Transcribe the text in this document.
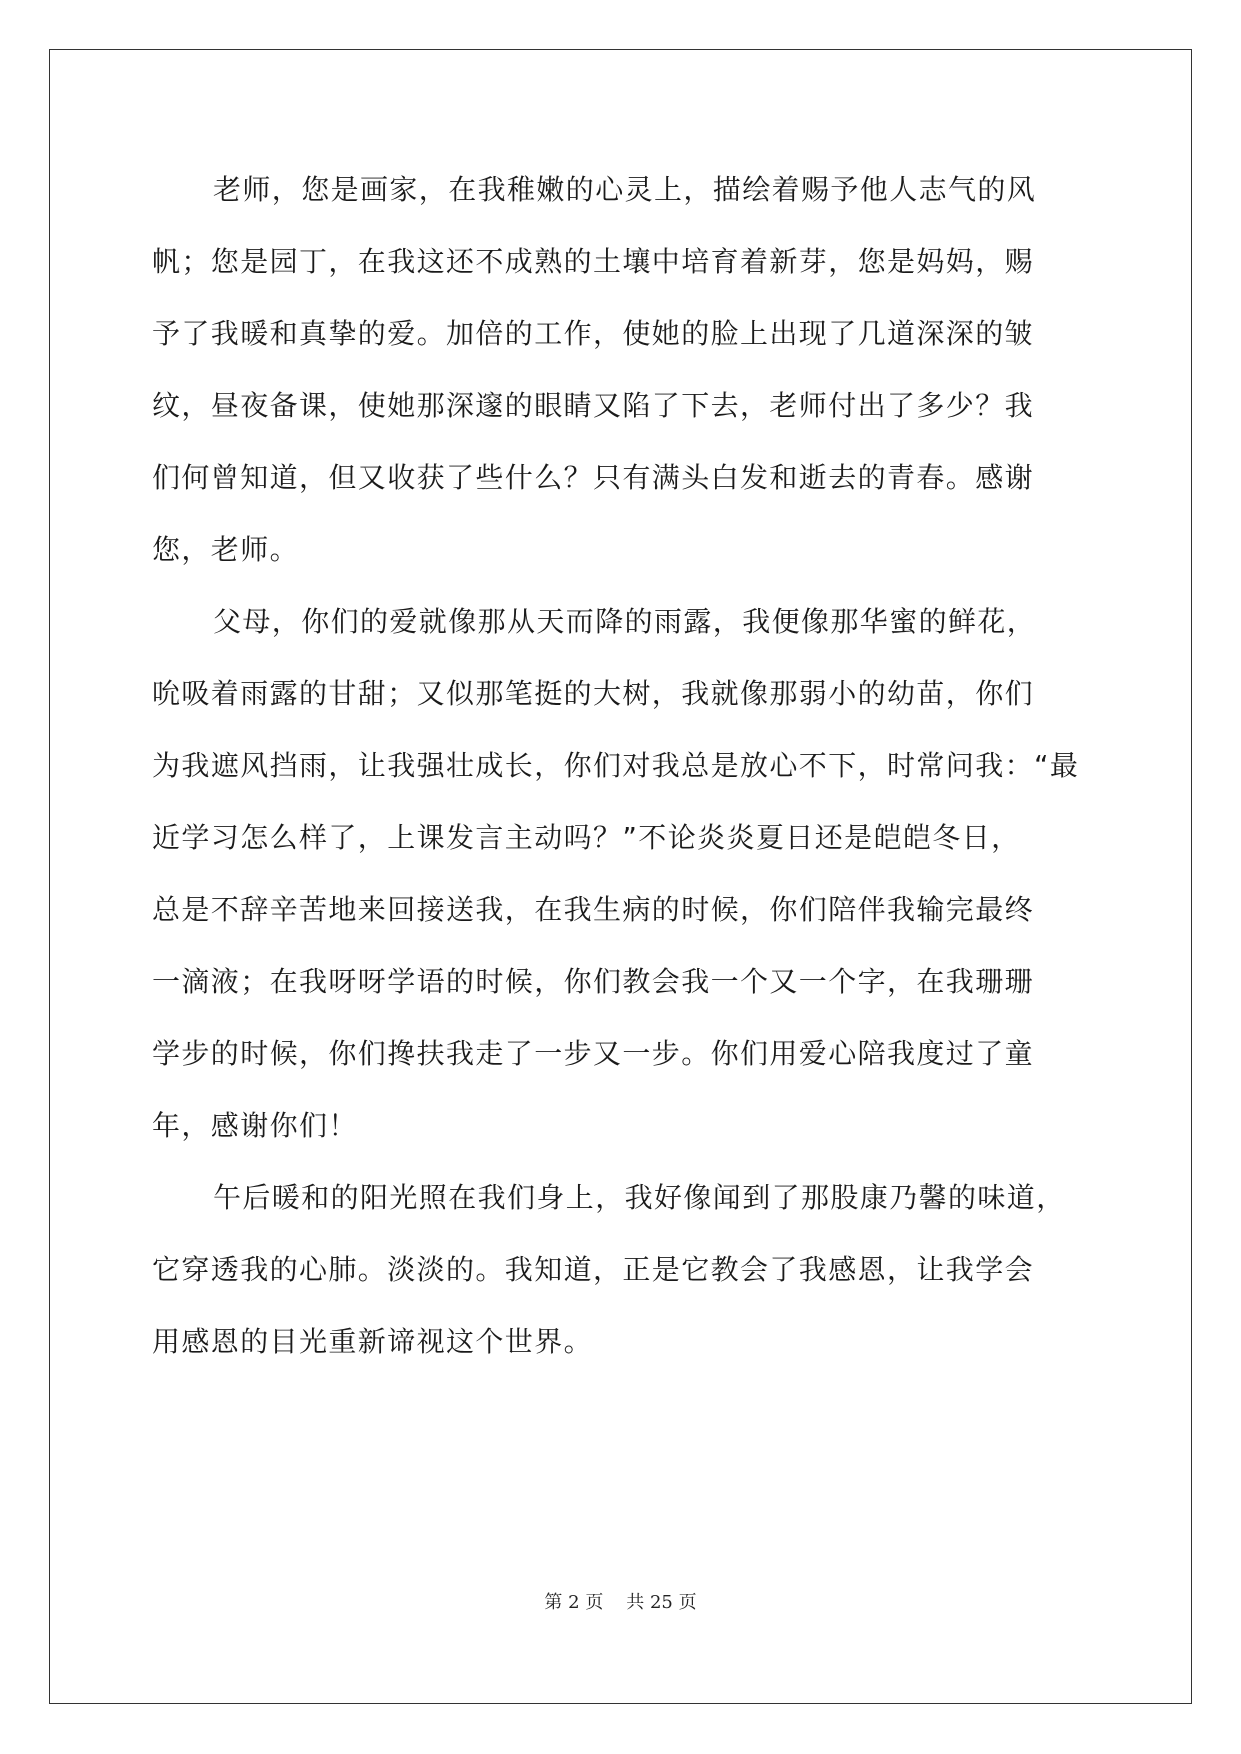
老师，您是画家，在我稚嫩的心灵上，描绘着赐予他人志气的风

帆；您是园丁，在我这还不成熟的土壤中培育着新芽，您是妈妈，赐

予了我暖和真挚的爱。加倍的工作，使她的脸上出现了几道深深的皱

纹，昼夜备课，使她那深邃的眼睛又陷了下去，老师付出了多少？我

们何曾知道，但又收获了些什么？只有满头白发和逝去的青春。感谢

您，老师。

父母，你们的爱就像那从天而降的雨露，我便像那华蜜的鲜花，

吮吸着雨露的甘甜；又似那笔挺的大树，我就像那弱小的幼苗，你们

为我遮风挡雨，让我强壮成长，你们对我总是放心不下，时常问我：“最

近学习怎么样了，上课发言主动吗？”不论炎炎夏日还是皑皑冬日，

总是不辞辛苦地来回接送我，在我生病的时候，你们陪伴我输完最终

一滴液；在我呀呀学语的时候，你们教会我一个又一个字，在我珊珊

学步的时候，你们搀扶我走了一步又一步。你们用爱心陪我度过了童

年，感谢你们！

午后暖和的阳光照在我们身上，我好像闻到了那股康乃馨的味道，

它穿透我的心肺。淡淡的。我知道，正是它教会了我感恩，让我学会

用感恩的目光重新谛视这个世界。

第 2 页 共 25 页
